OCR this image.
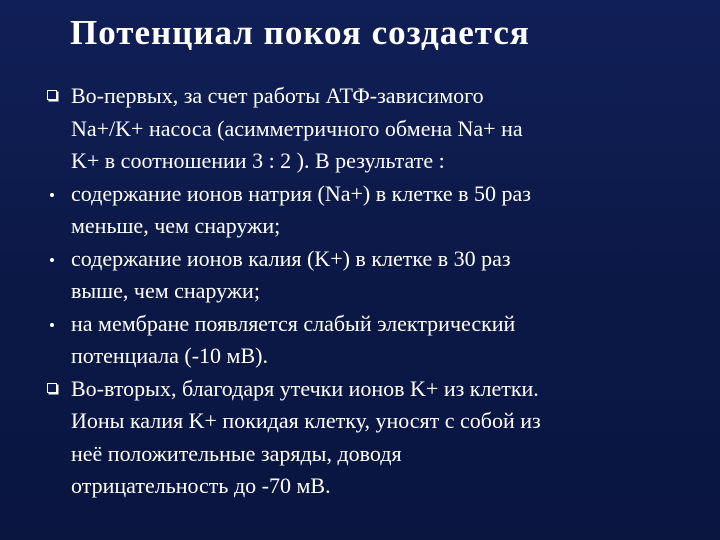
Потенциал покоя создается
Во-первых, за счет работы АТФ-зависимого
Na+/K+ насоса (асимметричного обмена Na+ на
K+ в соотношении 3 : 2 ). В результате :
содержание ионов натрия (Na+) в клетке в 50 раз
меньше, чем снаружи;
содержание ионов калия (K+) в клетке в 30 раз
выше, чем снаружи;
на мембране появляется слабый электрический
потенциала (-10 мВ).
Во-вторых, благодаря утечки ионов K+ из клетки.
Ионы калия K+ покидая клетку, уносят с собой из
неё положительные заряды, доводя
отрицательность до -70 мВ.
